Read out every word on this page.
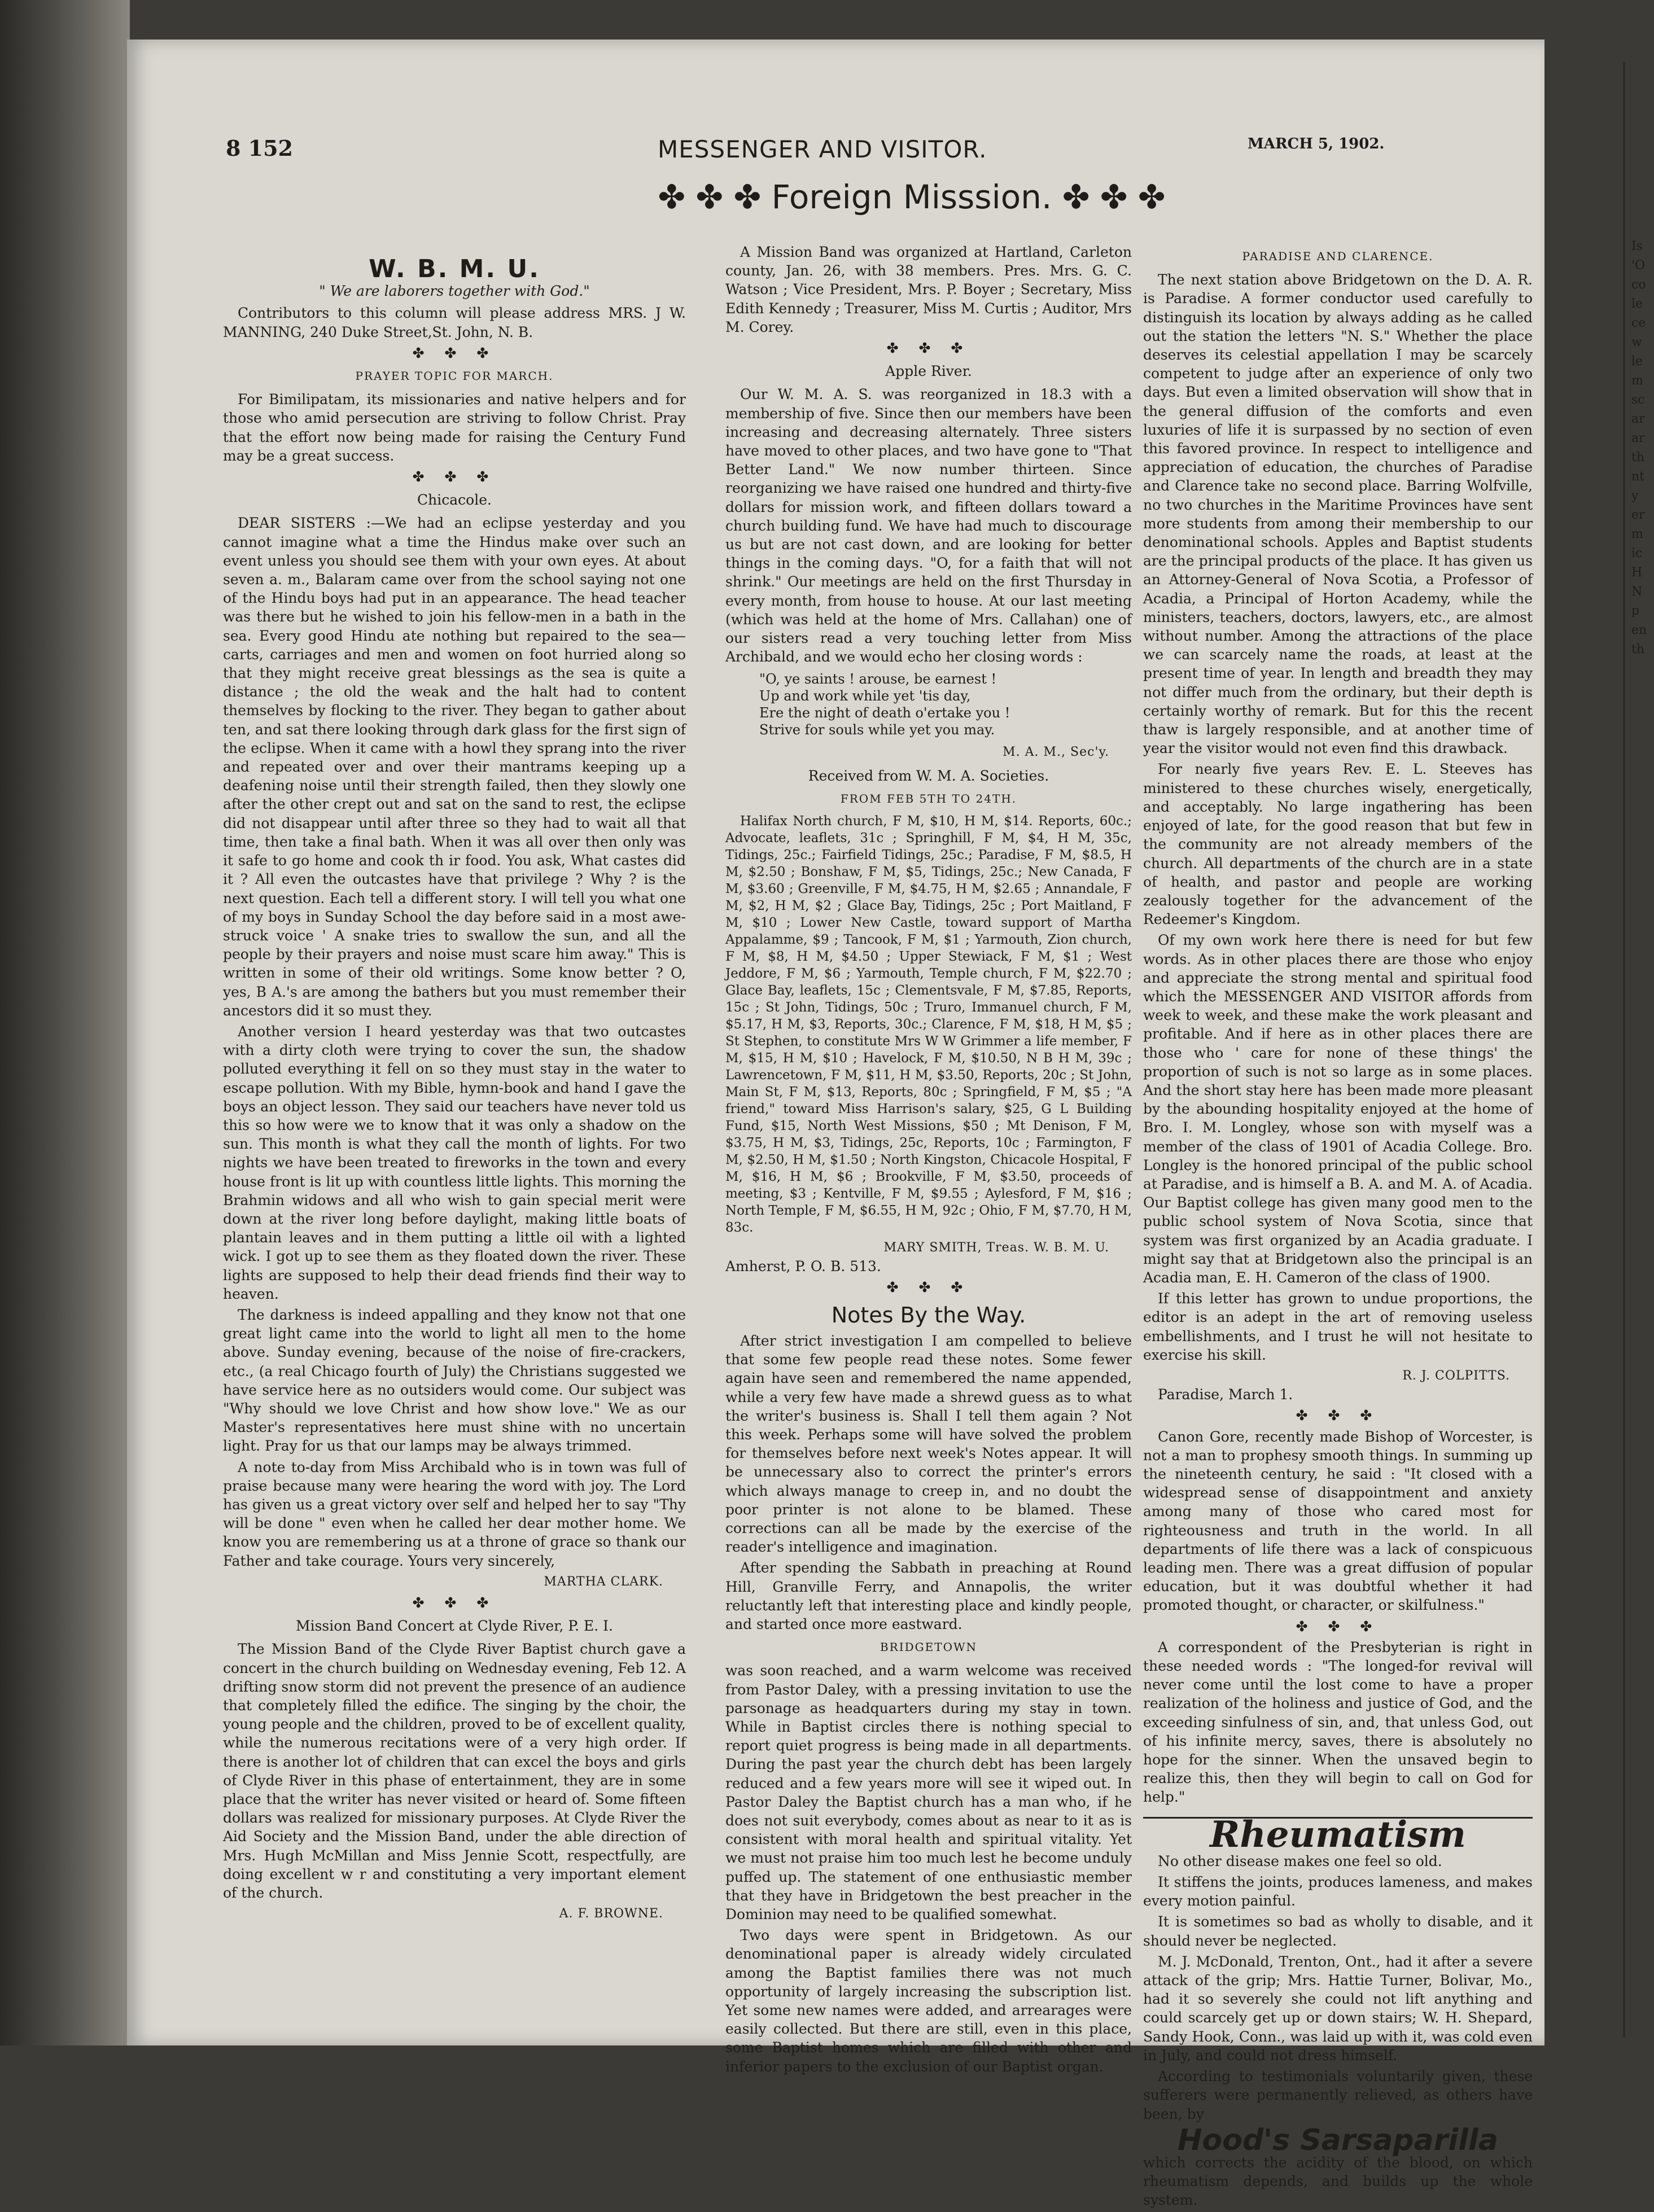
8 152	MESSENGER AND VISITOR.	MARCH 5, 1902.
✤ ✤ ✤ Foreign Misssion. ✤ ✤ ✤
W. B. M. U.
" We are laborers together with God."

Contributors to this column will please address MRS. J W. MANNING, 240 Duke Street,St. John, N. B.

✤ ✤ ✤
PRAYER TOPIC FOR MARCH.

For Bimilipatam, its missionaries and native helpers and for those who amid persecution are striving to follow Christ. Pray that the effort now being made for raising the Century Fund may be a great success.

✤ ✤ ✤
Chicacole.

DEAR SISTERS :—We had an eclipse yesterday and you cannot imagine what a time the Hindus make over such an event unless you should see them with your own eyes. At about seven a. m., Balaram came over from the school saying not one of the Hindu boys had put in an appearance. The head teacher was there but he wished to join his fellow-men in a bath in the sea. Every good Hindu ate nothing but repaired to the sea—carts, carriages and men and women on foot hurried along so that they might receive great blessings as the sea is quite a distance ; the old the weak and the halt had to content themselves by flocking to the river. They began to gather about ten, and sat there looking through dark glass for the first sign of the eclipse. When it came with a howl they sprang into the river and repeated over and over their mantrams keeping up a deafening noise until their strength failed, then they slowly one after the other crept out and sat on the sand to rest, the eclipse did not disappear until after three so they had to wait all that time, then take a final bath. When it was all over then only was it safe to go home and cook th ir food. You ask, What castes did it ? All even the outcastes have that privilege ? Why ? is the next question. Each tell a different story. I will tell you what one of my boys in Sunday School the day before said in a most awe-struck voice ' A snake tries to swallow the sun, and all the people by their prayers and noise must scare him away." This is written in some of their old writings. Some know better ? O, yes, B A.'s are among the bathers but you must remember their ancestors did it so must they.

Another version I heard yesterday was that two outcastes with a dirty cloth were trying to cover the sun, the shadow polluted everything it fell on so they must stay in the water to escape pollution. With my Bible, hymn-book and hand I gave the boys an object lesson. They said our teachers have never told us this so how were we to know that it was only a shadow on the sun. This month is what they call the month of lights. For two nights we have been treated to fireworks in the town and every house front is lit up with countless little lights. This morning the Brahmin widows and all who wish to gain special merit were down at the river long before daylight, making little boats of plantain leaves and in them putting a little oil with a lighted wick. I got up to see them as they floated down the river. These lights are supposed to help their dead friends find their way to heaven.

The darkness is indeed appalling and they know not that one great light came into the world to light all men to the home above. Sunday evening, because of the noise of fire-crackers, etc., (a real Chicago fourth of July) the Christians suggested we have service here as no outsiders would come. Our subject was "Why should we love Christ and how show love." We as our Master's representatives here must shine with no uncertain light. Pray for us that our lamps may be always trimmed.

A note to-day from Miss Archibald who is in town was full of praise because many were hearing the word with joy. The Lord has given us a great victory over self and helped her to say "Thy will be done " even when he called her dear mother home. We know you are remembering us at a throne of grace so thank our Father and take courage. Yours very sincerely,

MARTHA CLARK.
✤ ✤ ✤
Mission Band Concert at Clyde River, P. E. I.

The Mission Band of the Clyde River Baptist church gave a concert in the church building on Wednesday evening, Feb 12. A drifting snow storm did not prevent the presence of an audience that completely filled the edifice. The singing by the choir, the young people and the children, proved to be of excellent quality, while the numerous recitations were of a very high order. If there is another lot of children that can excel the boys and girls of Clyde River in this phase of entertainment, they are in some place that the writer has never visited or heard of. Some fifteen dollars was realized for missionary purposes. At Clyde River the Aid Society and the Mission Band, under the able direction of Mrs. Hugh McMillan and Miss Jennie Scott, respectfully, are doing excellent w r and constituting a very important element of the church.

A. F. BROWNE.

A Mission Band was organized at Hartland, Carleton county, Jan. 26, with 38 members. Pres. Mrs. G. C. Watson ; Vice President, Mrs. P. Boyer ; Secretary, Miss Edith Kennedy ; Treasurer, Miss M. Curtis ; Auditor, Mrs M. Corey.

✤ ✤ ✤
Apple River.

Our W. M. A. S. was reorganized in 18.3 with a membership of five. Since then our members have been increasing and decreasing alternately. Three sisters have moved to other places, and two have gone to "That Better Land." We now number thirteen. Since reorganizing we have raised one hundred and thirty-five dollars for mission work, and fifteen dollars toward a church building fund. We have had much to discourage us but are not cast down, and are looking for better things in the coming days. "O, for a faith that will not shrink." Our meetings are held on the first Thursday in every month, from house to house. At our last meeting (which was held at the home of Mrs. Callahan) one of our sisters read a very touching letter from Miss Archibald, and we would echo her closing words :

"O, ye saints ! arouse, be earnest !
Up and work while yet 'tis day,
Ere the night of death o'ertake you !
Strive for souls while yet you may.
M. A. M., Sec'y.
Received from W. M. A. Societies.
FROM FEB 5TH TO 24TH.

Halifax North church, F M, $10, H M, $14. Reports, 60c.; Advocate, leaflets, 31c ; Springhill, F M, $4, H M, 35c, Tidings, 25c.; Fairfield Tidings, 25c.; Paradise, F M, $8.5, H M, $2.50 ; Bonshaw, F M, $5, Tidings, 25c.; New Canada, F M, $3.60 ; Greenville, F M, $4.75, H M, $2.65 ; Annandale, F M, $2, H M, $2 ; Glace Bay, Tidings, 25c ; Port Maitland, F M, $10 ; Lower New Castle, toward support of Martha Appalamme, $9 ; Tancook, F M, $1 ; Yarmouth, Zion church, F M, $8, H M, $4.50 ; Upper Stewiack, F M, $1 ; West Jeddore, F M, $6 ; Yarmouth, Temple church, F M, $22.70 ; Glace Bay, leaflets, 15c ; Clementsvale, F M, $7.85, Reports, 15c ; St John, Tidings, 50c ; Truro, Immanuel church, F M, $5.17, H M, $3, Reports, 30c.; Clarence, F M, $18, H M, $5 ; St Stephen, to constitute Mrs W W Grimmer a life member, F M, $15, H M, $10 ; Havelock, F M, $10.50, N B H M, 39c ; Lawrencetown, F M, $11, H M, $3.50, Reports, 20c ; St John, Main St, F M, $13, Reports, 80c ; Springfield, F M, $5 ; "A friend," toward Miss Harrison's salary, $25, G L Building Fund, $15, North West Missions, $50 ; Mt Denison, F M, $3.75, H M, $3, Tidings, 25c, Reports, 10c ; Farmington, F M, $2.50, H M, $1.50 ; North Kingston, Chicacole Hospital, F M, $16, H M, $6 ; Brookville, F M, $3.50, proceeds of meeting, $3 ; Kentville, F M, $9.55 ; Aylesford, F M, $16 ; North Temple, F M, $6.55, H M, 92c ; Ohio, F M, $7.70, H M, 83c.

MARY SMITH, Treas. W. B. M. U.

Amherst, P. O. B. 513.

✤ ✤ ✤
Notes By the Way.

After strict investigation I am compelled to believe that some few people read these notes. Some fewer again have seen and remembered the name appended, while a very few have made a shrewd guess as to what the writer's business is. Shall I tell them again ? Not this week. Perhaps some will have solved the problem for themselves before next week's Notes appear. It will be unnecessary also to correct the printer's errors which always manage to creep in, and no doubt the poor printer is not alone to be blamed. These corrections can all be made by the exercise of the reader's intelligence and imagination.

After spending the Sabbath in preaching at Round Hill, Granville Ferry, and Annapolis, the writer reluctantly left that interesting place and kindly people, and started once more eastward.

BRIDGETOWN

was soon reached, and a warm welcome was received from Pastor Daley, with a pressing invitation to use the parsonage as headquarters during my stay in town. While in Baptist circles there is nothing special to report quiet progress is being made in all departments. During the past year the church debt has been largely reduced and a few years more will see it wiped out. In Pastor Daley the Baptist church has a man who, if he does not suit everybody, comes about as near to it as is consistent with moral health and spiritual vitality. Yet we must not praise him too much lest he become unduly puffed up. The statement of one enthusiastic member that they have in Bridgetown the best preacher in the Dominion may need to be qualified somewhat.

Two days were spent in Bridgetown. As our denominational paper is already widely circulated among the Baptist families there was not much opportunity of largely increasing the subscription list. Yet some new names were added, and arrearages were easily collected. But there are still, even in this place, some Baptist homes which are filled with other and inferior papers to the exclusion of our Baptist organ.

PARADISE AND CLARENCE.

The next station above Bridgetown on the D. A. R. is Paradise. A former conductor used carefully to distinguish its location by always adding as he called out the station the letters "N. S." Whether the place deserves its celestial appellation I may be scarcely competent to judge after an experience of only two days. But even a limited observation will show that in the general diffusion of the comforts and even luxuries of life it is surpassed by no section of even this favored province. In respect to intelligence and appreciation of education, the churches of Paradise and Clarence take no second place. Barring Wolfville, no two churches in the Maritime Provinces have sent more students from among their membership to our denominational schools. Apples and Baptist students are the principal products of the place. It has given us an Attorney-General of Nova Scotia, a Professor of Acadia, a Principal of Horton Academy, while the ministers, teachers, doctors, lawyers, etc., are almost without number. Among the attractions of the place we can scarcely name the roads, at least at the present time of year. In length and breadth they may not differ much from the ordinary, but their depth is certainly worthy of remark. But for this the recent thaw is largely responsible, and at another time of year the visitor would not even find this drawback.

For nearly five years Rev. E. L. Steeves has ministered to these churches wisely, energetically, and acceptably. No large ingathering has been enjoyed of late, for the good reason that but few in the community are not already members of the church. All departments of the church are in a state of health, and pastor and people are working zealously together for the advancement of the Redeemer's Kingdom.

Of my own work here there is need for but few words. As in other places there are those who enjoy and appreciate the strong mental and spiritual food which the MESSENGER AND VISITOR affords from week to week, and these make the work pleasant and profitable. And if here as in other places there are those who ' care for none of these things' the proportion of such is not so large as in some places. And the short stay here has been made more pleasant by the abounding hospitality enjoyed at the home of Bro. I. M. Longley, whose son with myself was a member of the class of 1901 of Acadia College. Bro. Longley is the honored principal of the public school at Paradise, and is himself a B. A. and M. A. of Acadia. Our Baptist college has given many good men to the public school system of Nova Scotia, since that system was first organized by an Acadia graduate. I might say that at Bridgetown also the principal is an Acadia man, E. H. Cameron of the class of 1900.

If this letter has grown to undue proportions, the editor is an adept in the art of removing useless embellishments, and I trust he will not hesitate to exercise his skill.

R. J. COLPITTS.

Paradise, March 1.

✤ ✤ ✤

Canon Gore, recently made Bishop of Worcester, is not a man to prophesy smooth things. In summing up the nineteenth century, he said : "It closed with a widespread sense of disappointment and anxiety among many of those who cared most for righteousness and truth in the world. In all departments of life there was a lack of conspicuous leading men. There was a great diffusion of popular education, but it was doubtful whether it had promoted thought, or character, or skilfulness."

✤ ✤ ✤

A correspondent of the Presbyterian is right in these needed words : "The longed-for revival will never come until the lost come to have a proper realization of the holiness and justice of God, and the exceeding sinfulness of sin, and, that unless God, out of his infinite mercy, saves, there is absolutely no hope for the sinner. When the unsaved begin to realize this, then they will begin to call on God for help."

Rheumatism

No other disease makes one feel so old.

It stiffens the joints, produces lameness, and makes every motion painful.

It is sometimes so bad as wholly to disable, and it should never be neglected.

M. J. McDonald, Trenton, Ont., had it after a severe attack of the grip; Mrs. Hattie Turner, Bolivar, Mo., had it so severely she could not lift anything and could scarcely get up or down stairs; W. H. Shepard, Sandy Hook, Conn., was laid up with it, was cold even in July, and could not dress himself.

According to testimonials voluntarily given, these sufferers were permanently relieved, as others have been, by

Hood's Sarsaparilla

which corrects the acidity of the blood, on which rheumatism depends, and builds up the whole system.

Is
'O
co
le
ce
w
le
m
sc
ar
ar
th
nt
y
er
m
ic
H
N
p
en
th
